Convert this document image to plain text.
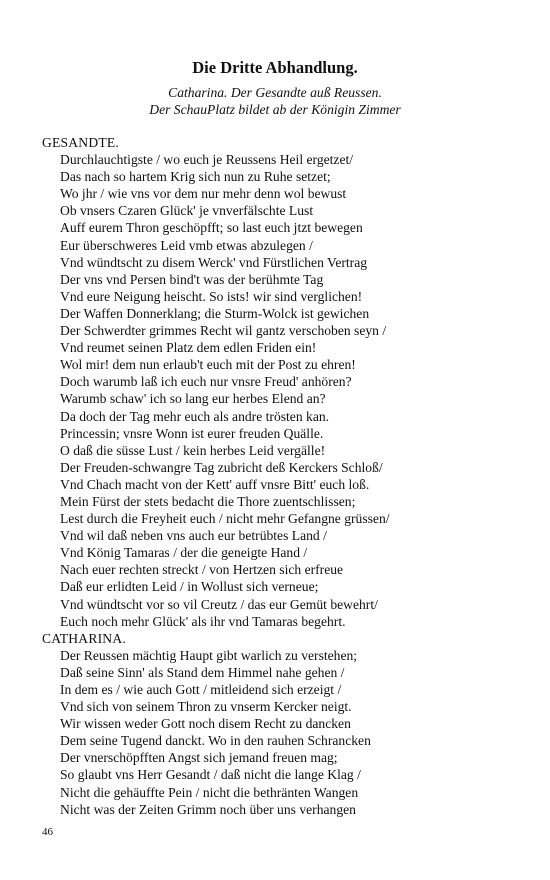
Die Dritte Abhandlung.
Catharina. Der Gesandte auß Reussen.
Der SchauPlatz bildet ab der Königin Zimmer
GESANDTE.
Durchlauchtigste / wo euch je Reussens Heil ergetzet/
Das nach so hartem Krig sich nun zu Ruhe setzet;
Wo jhr / wie vns vor dem nur mehr denn wol bewust
Ob vnsers Czaren Glück' je vnverfälschte Lust
Auff eurem Thron geschöpfft; so last euch jtzt bewegen
Eur überschweres Leid vmb etwas abzulegen /
Vnd wündtscht zu disem Werck' vnd Fürstlichen Vertrag
Der vns vnd Persen bind't was der berühmte Tag
Vnd eure Neigung heischt. So ists! wir sind verglichen!
Der Waffen Donnerklang; die Sturm-Wolck ist gewichen
Der Schwerdter grimmes Recht wil gantz verschoben seyn /
Vnd reumet seinen Platz dem edlen Friden ein!
Wol mir! dem nun erlaub't euch mit der Post zu ehren!
Doch warumb laß ich euch nur vnsre Freud' anhören?
Warumb schaw' ich so lang eur herbes Elend an?
Da doch der Tag mehr euch als andre trösten kan.
Princessin; vnsre Wonn ist eurer freuden Quälle.
O daß die süsse Lust / kein herbes Leid vergälle!
Der Freuden-schwangre Tag zubricht deß Kerckers Schloß/
Vnd Chach macht von der Kett' auff vnsre Bitt' euch loß.
Mein Fürst der stets bedacht die Thore zuentschlissen;
Lest durch die Freyheit euch / nicht mehr Gefangne grüssen/
Vnd wil daß neben vns auch eur betrübtes Land /
Vnd König Tamaras / der die geneigte Hand /
Nach euer rechten streckt / von Hertzen sich erfreue
Daß eur erlidten Leid / in Wollust sich verneue;
Vnd wündtscht vor so vil Creutz / das eur Gemüt bewehrt/
Euch noch mehr Glück' als ihr vnd Tamaras begehrt.
CATHARINA.
Der Reussen mächtig Haupt gibt warlich zu verstehen;
Daß seine Sinn' als Stand dem Himmel nahe gehen /
In dem es / wie auch Gott / mitleidend sich erzeigt /
Vnd sich von seinem Thron zu vnserm Kercker neigt.
Wir wissen weder Gott noch disem Recht zu dancken
Dem seine Tugend danckt. Wo in den rauhen Schrancken
Der vnerschöpfften Angst sich jemand freuen mag;
So glaubt vns Herr Gesandt / daß nicht die lange Klag /
Nicht die gehäuffte Pein / nicht die bethränten Wangen
Nicht was der Zeiten Grimm noch über uns verhangen
46
